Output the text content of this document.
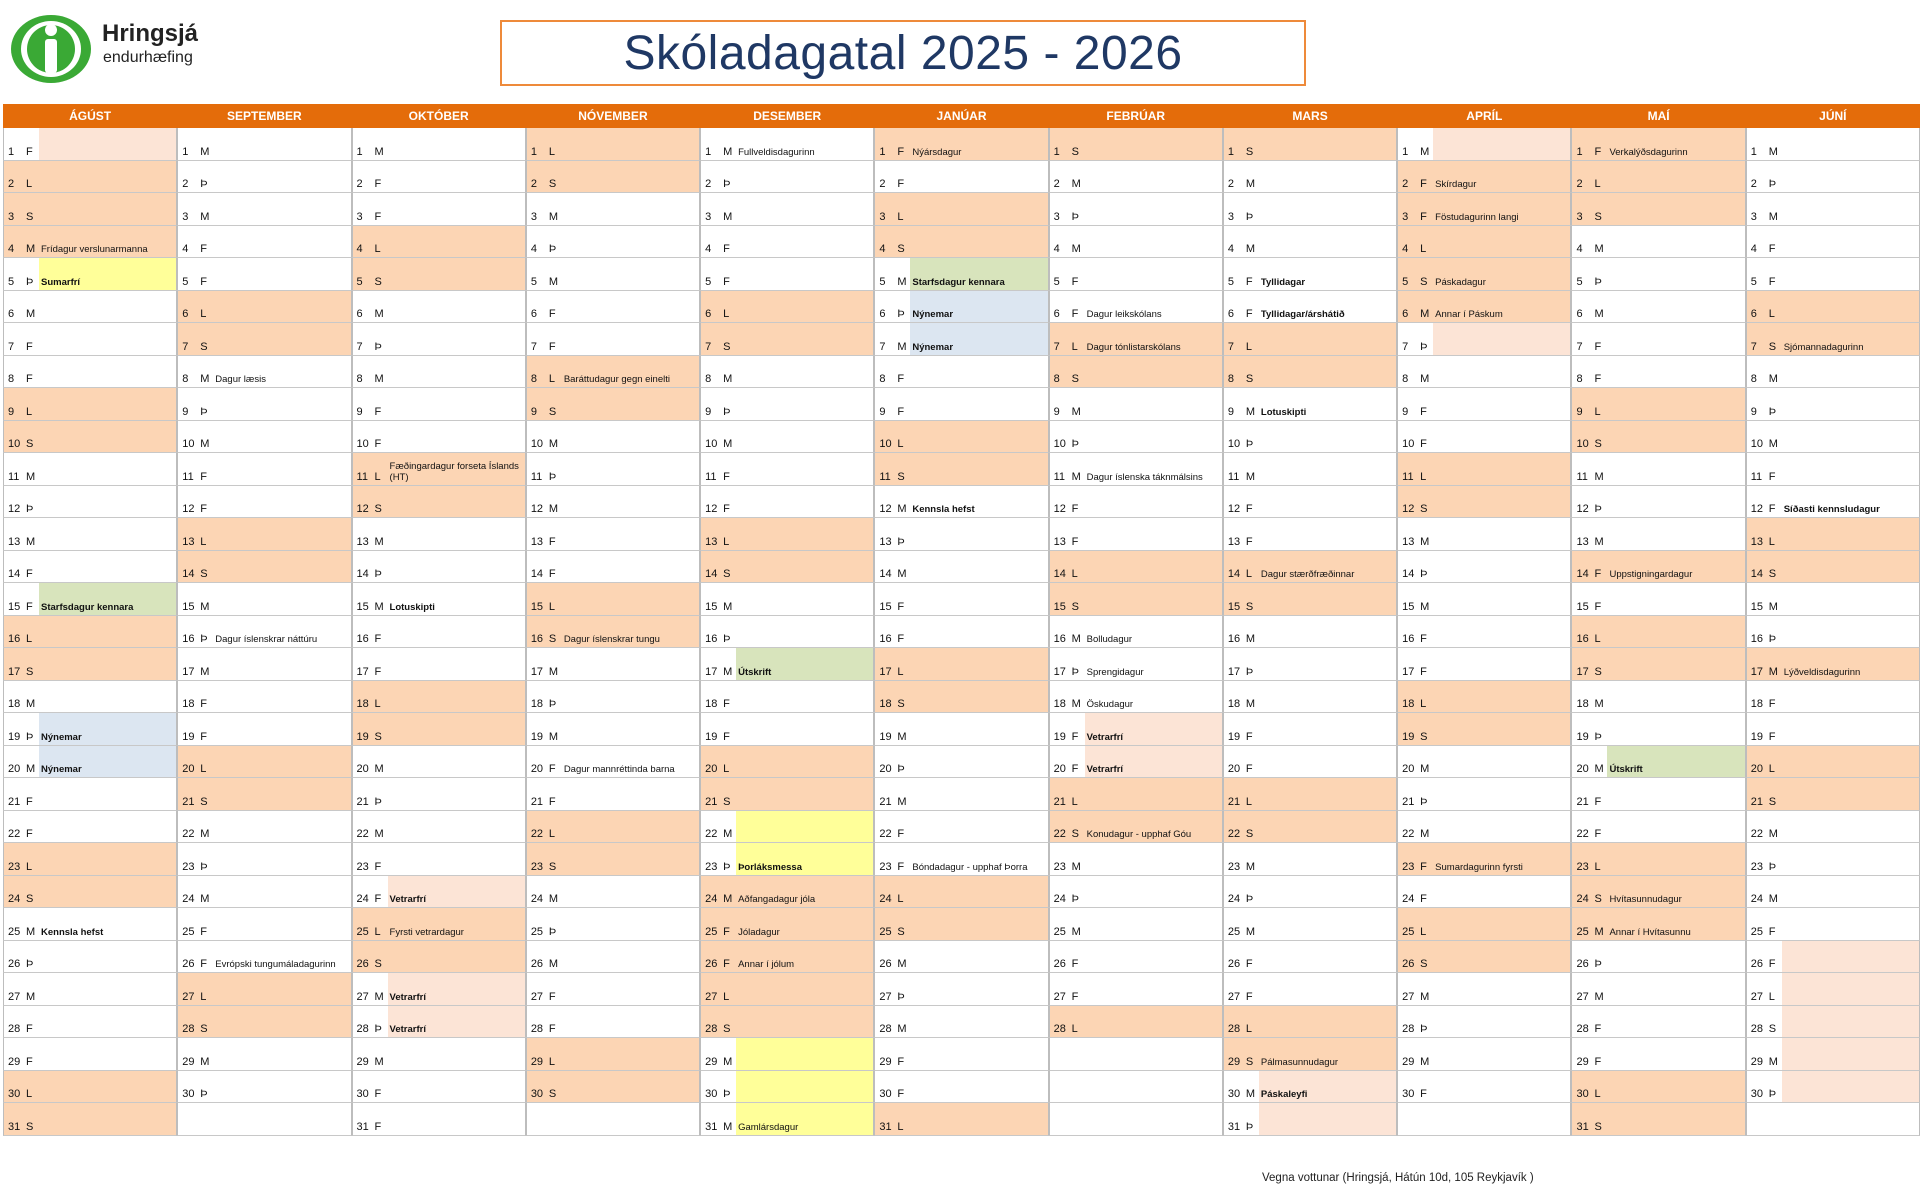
Hringsjá
endurhæfing	Skóladagatal 2025 - 2026
ÁGÚST
1 F
2 L
3 S
4 M Frídagur verslunarmanna
5 Þ Sumarfrí
6 M
7 F
8 F
9 L
10 S
11 M
12 Þ
13 M
14 F
15 F Starfsdagur kennara
16 L
17 S
18 M
19 Þ Nýnemar
20 M Nýnemar
21 F
22 F
23 L
24 S
25 M Kennsla hefst
26 Þ
27 M
28 F
29 F
30 L
31 S
SEPTEMBER
1 M
2 Þ
3 M
4 F
5 F
6 L
7 S
8 M Dagur læsis
9 Þ
10 M
11 F
12 F
13 L
14 S
15 M
16 Þ Dagur íslenskrar náttúru
17 M
18 F
19 F
20 L
21 S
22 M
23 Þ
24 M
25 F
26 F Evrópski tungumáladagurinn
27 L
28 S
29 M
30 Þ
OKTÓBER
1 M
2 F
3 F
4 L
5 S
6 M
7 Þ
8 M
9 F
10 F
11 L
Fæðingardagur forseta Íslands (HT)
12 S
13 M
14 Þ
15 M Lotuskipti
16 F
17 F
18 L
19 S
20 M
21 Þ
22 M
23 F
24 F Vetrarfrí
25 L Fyrsti vetrardagur
26 S
27 M Vetrarfrí
28 Þ Vetrarfrí
29 M
30 F
31 F
NÓVEMBER
1 L
2 S
3 M
4 Þ
5 M
6 F
7 F
8 L Baráttudagur gegn einelti
9 S
10 M
11 Þ
12 M
13 F
14 F
15 L
16 S Dagur íslenskrar tungu
17 M
18 Þ
19 M
20 F Dagur mannréttinda barna
21 F
22 L
23 S
24 M
25 Þ
26 M
27 F
28 F
29 L
30 S
DESEMBER
1 M Fullveldisdagurinn
2 Þ
3 M
4 F
5 F
6 L
7 S
8 M
9 Þ
10 M
11 F
12 F
13 L
14 S
15 M
16 Þ
17 M Útskrift
18 F
19 F
20 L
21 S
22 M
23 Þ Þorláksmessa
24 M Aðfangadagur jóla
25 F Jóladagur
26 F Annar í jólum
27 L
28 S
29 M
30 Þ
31 M Gamlársdagur
JANÚAR
1 F Nýársdagur
2 F
3 L
4 S
5 M Starfsdagur kennara
6 Þ Nýnemar
7 M Nýnemar
8 F
9 F
10 L
11 S
12 M Kennsla hefst
13 Þ
14 M
15 F
16 F
17 L
18 S
19 M
20 Þ
21 M
22 F
23 F Bóndadagur - upphaf Þorra
24 L
25 S
26 M
27 Þ
28 M
29 F
30 F
31 L
FEBRÚAR
1 S
2 M
3 Þ
4 M
5 F
6 F Dagur leikskólans
7 L Dagur tónlistarskólans
8 S
9 M
10 Þ
11 M Dagur íslenska táknmálsins
12 F
13 F
14 L
15 S
16 M Bolludagur
17 Þ Sprengidagur
18 M Öskudagur
19 F Vetrarfrí
20 F Vetrarfrí
21 L
22 S Konudagur - upphaf Góu
23 M
24 Þ
25 M
26 F
27 F
28 L
MARS
1 S
2 M
3 Þ
4 M
5 F Tyllidagar
6 F Tyllidagar/árshátið
7 L
8 S
9 M Lotuskipti
10 Þ
11 M
12 F
13 F
14 L Dagur stærðfræðinnar
15 S
16 M
17 Þ
18 M
19 F
20 F
21 L
22 S
23 M
24 Þ
25 M
26 F
27 F
28 L
29 S Pálmasunnudagur
30 M Páskaleyfi
31 Þ
APRÍL
1 M
2 F Skírdagur
3 F Föstudagurinn langi
4 L
5 S Páskadagur
6 M Annar í Páskum
7 Þ
8 M
9 F
10 F
11 L
12 S
13 M
14 Þ
15 M
16 F
17 F
18 L
19 S
20 M
21 Þ
22 M
23 F Sumardagurinn fyrsti
24 F
25 L
26 S
27 M
28 Þ
29 M
30 F
MAÍ
1 F Verkalýðsdagurinn
2 L
3 S
4 M
5 Þ
6 M
7 F
8 F
9 L
10 S
11 M
12 Þ
13 M
14 F Uppstigningardagur
15 F
16 L
17 S
18 M
19 Þ
20 M Útskrift
21 F
22 F
23 L
24 S Hvítasunnudagur
25 M Annar í Hvítasunnu
26 Þ
27 M
28 F
29 F
30 L
31 S
JÚNÍ
1 M
2 Þ
3 M
4 F
5 F
6 L
7 S Sjómannadagurinn
8 M
9 Þ
10 M
11 F
12 F Síðasti kennsludagur
13 L
14 S
15 M
16 Þ
17 M Lýðveldisdagurinn
18 F
19 F
20 L
21 S
22 M
23 Þ
24 M
25 F
26 F
27 L
28 S
29 M
30 Þ
Vegna vottunar (Hringsjá, Hátún 10d, 105 Reykjavík )
